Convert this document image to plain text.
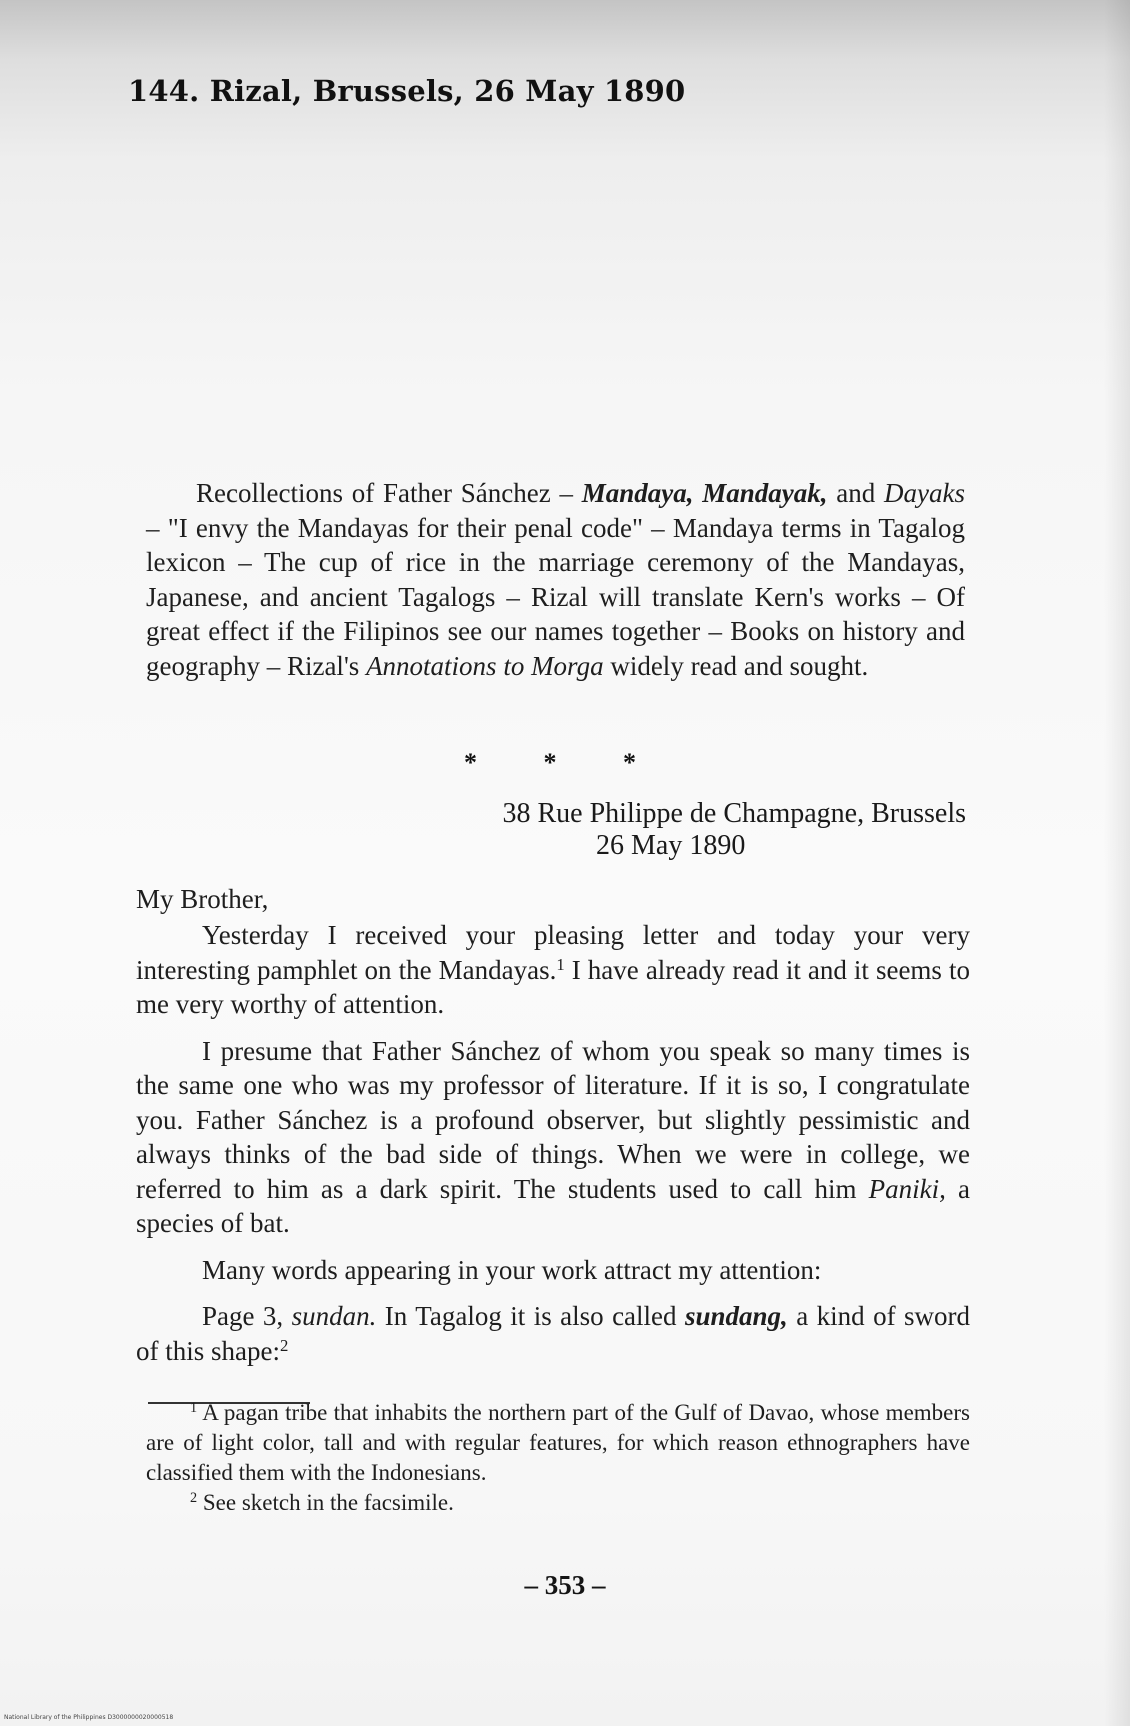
144. Rizal, Brussels, 26 May 1890
Recollections of Father Sánchez – Mandaya, Mandayak, and Dayaks – "I envy the Mandayas for their penal code" – Mandaya terms in Tagalog lexicon – The cup of rice in the marriage ceremony of the Mandayas, Japanese, and ancient Tagalogs – Rizal will translate Kern's works – Of great effect if the Filipinos see our names together – Books on history and geography – Rizal's Annotations to Morga widely read and sought.
* * *
38 Rue Philippe de Champagne, Brussels
26 May 1890
My Brother,

Yesterday I received your pleasing letter and today your very interesting pamphlet on the Mandayas.$^1$ I have already read it and it seems to me very worthy of attention.

I presume that Father Sánchez of whom you speak so many times is the same one who was my professor of literature. If it is so, I congratulate you. Father Sánchez is a profound observer, but slightly pessimistic and always thinks of the bad side of things. When we were in college, we referred to him as a dark spirit. The students used to call him Paniki, a species of bat.

Many words appearing in your work attract my attention:

Page 3, sundan. In Tagalog it is also called sundang, a kind of sword of this shape:$^2$

$^1$ A pagan tribe that inhabits the northern part of the Gulf of Davao, whose members are of light color, tall and with regular features, for which reason ethnographers have classified them with the Indonesians.

$^2$ See sketch in the facsimile.

– 353 –
National Library of the Philippines D3000000020000518
